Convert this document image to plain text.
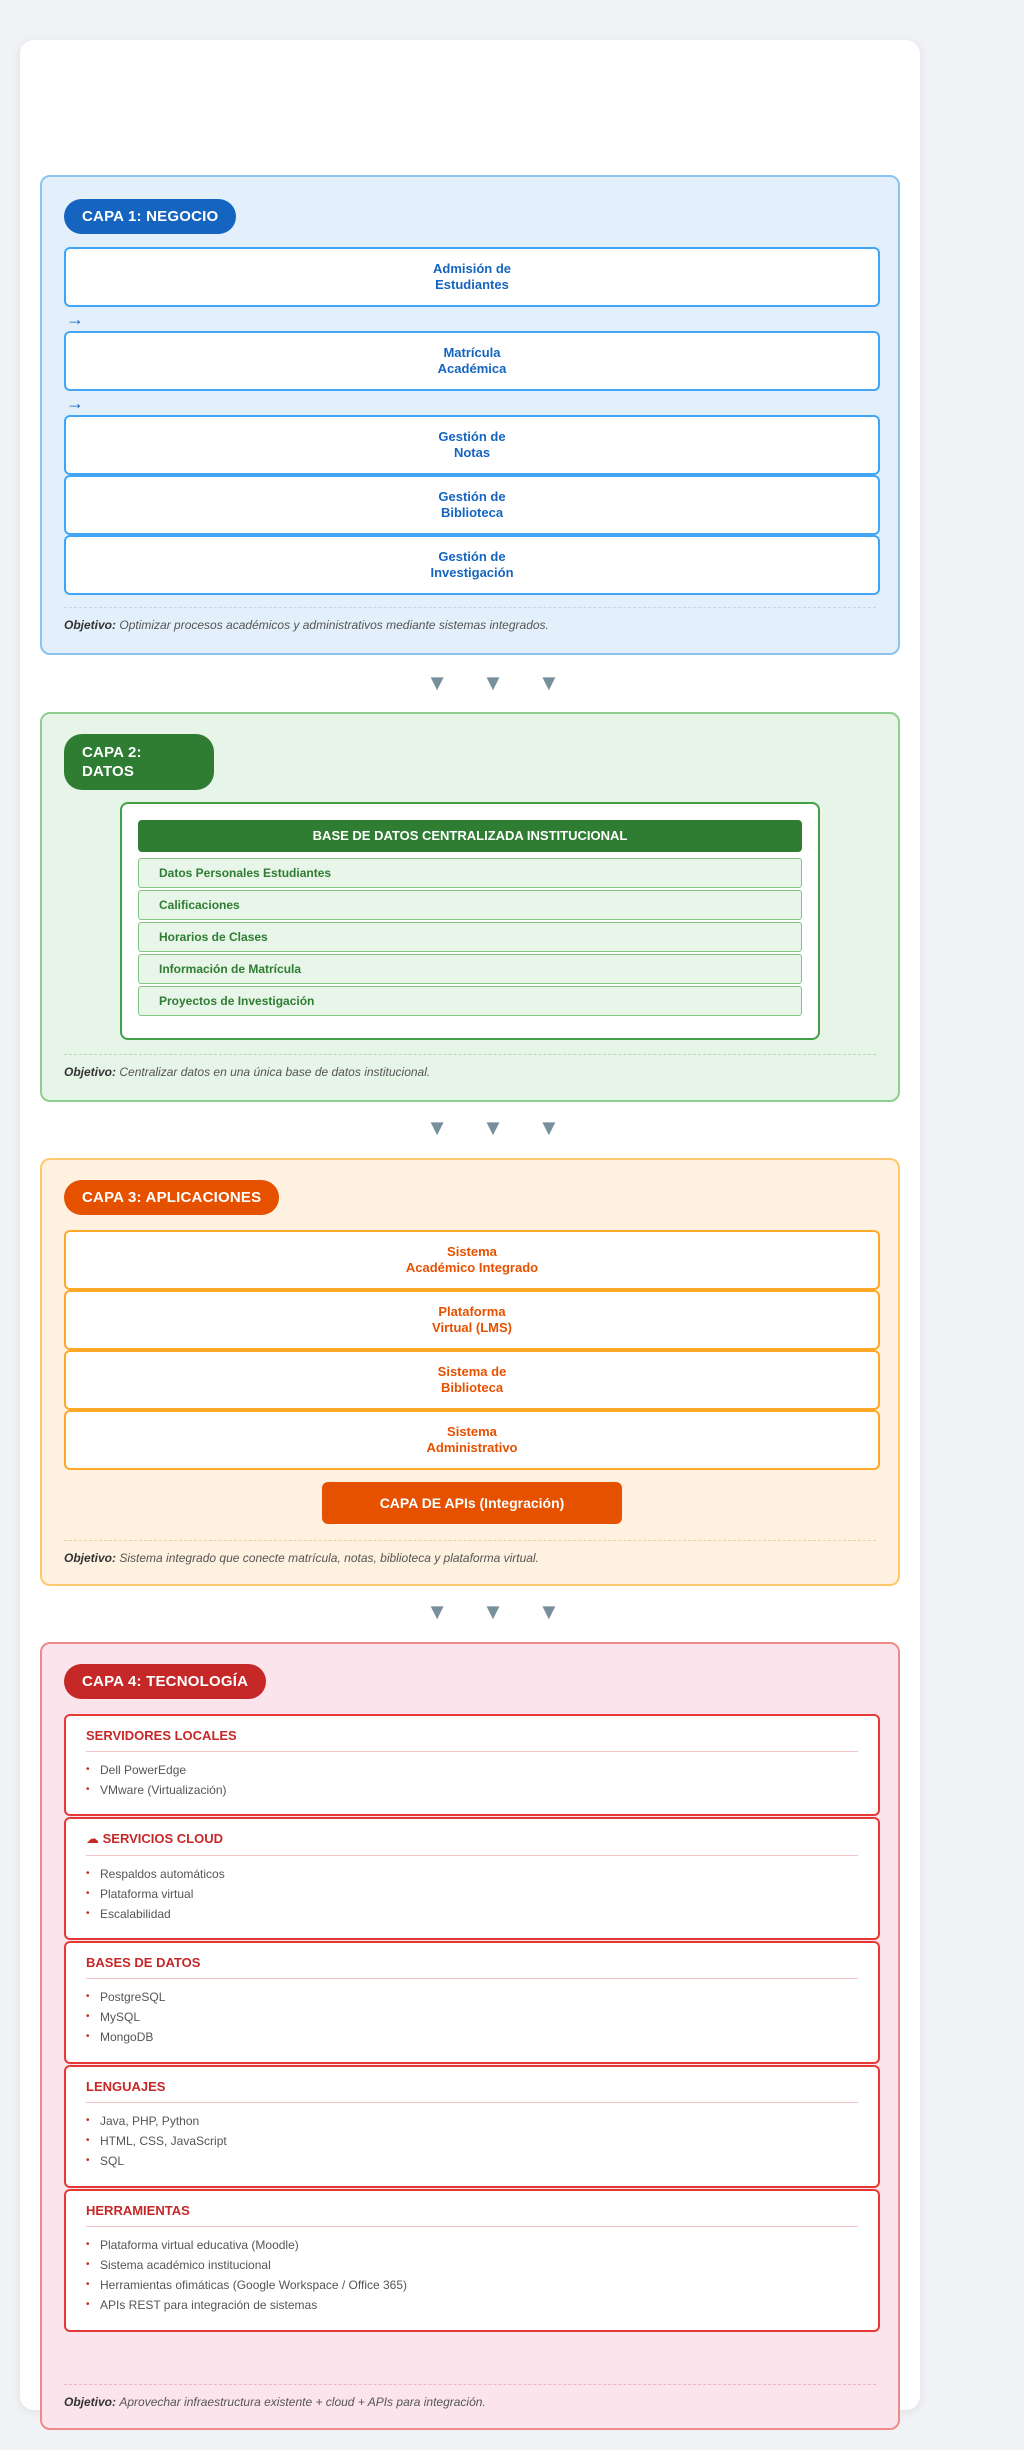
CAPA 1: NEGOCIO
Admisión de
Estudiantes
→
Matrícula
Académica
→
Gestión de
Notas
Gestión de
Biblioteca
Gestión de
Investigación
Objetivo: Optimizar procesos académicos y administrativos mediante sistemas integrados.
▼ ▼ ▼
CAPA 2:
DATOS
BASE DE DATOS CENTRALIZADA INSTITUCIONAL
Datos Personales Estudiantes
Calificaciones
Horarios de Clases
Información de Matrícula
Proyectos de Investigación
Objetivo: Centralizar datos en una única base de datos institucional.
▼ ▼ ▼
CAPA 3: APLICACIONES
Sistema
Académico Integrado
Plataforma
Virtual (LMS)
Sistema de
Biblioteca
Sistema
Administrativo
CAPA DE APIs (Integración)
Objetivo: Sistema integrado que conecte matrícula, notas, biblioteca y plataforma virtual.
▼ ▼ ▼
CAPA 4: TECNOLOGÍA
SERVIDORES LOCALES
• Dell PowerEdge
• VMware (Virtualización)
☁ SERVICIOS CLOUD
• Respaldos automáticos
• Plataforma virtual
• Escalabilidad
BASES DE DATOS
• PostgreSQL
• MySQL
• MongoDB
LENGUAJES
• Java, PHP, Python
• HTML, CSS, JavaScript
• SQL
HERRAMIENTAS
• Plataforma virtual educativa (Moodle)
• Sistema académico institucional
• Herramientas ofimáticas (Google Workspace / Office 365)
• APIs REST para integración de sistemas
Objetivo: Aprovechar infraestructura existente + cloud + APIs para integración.
